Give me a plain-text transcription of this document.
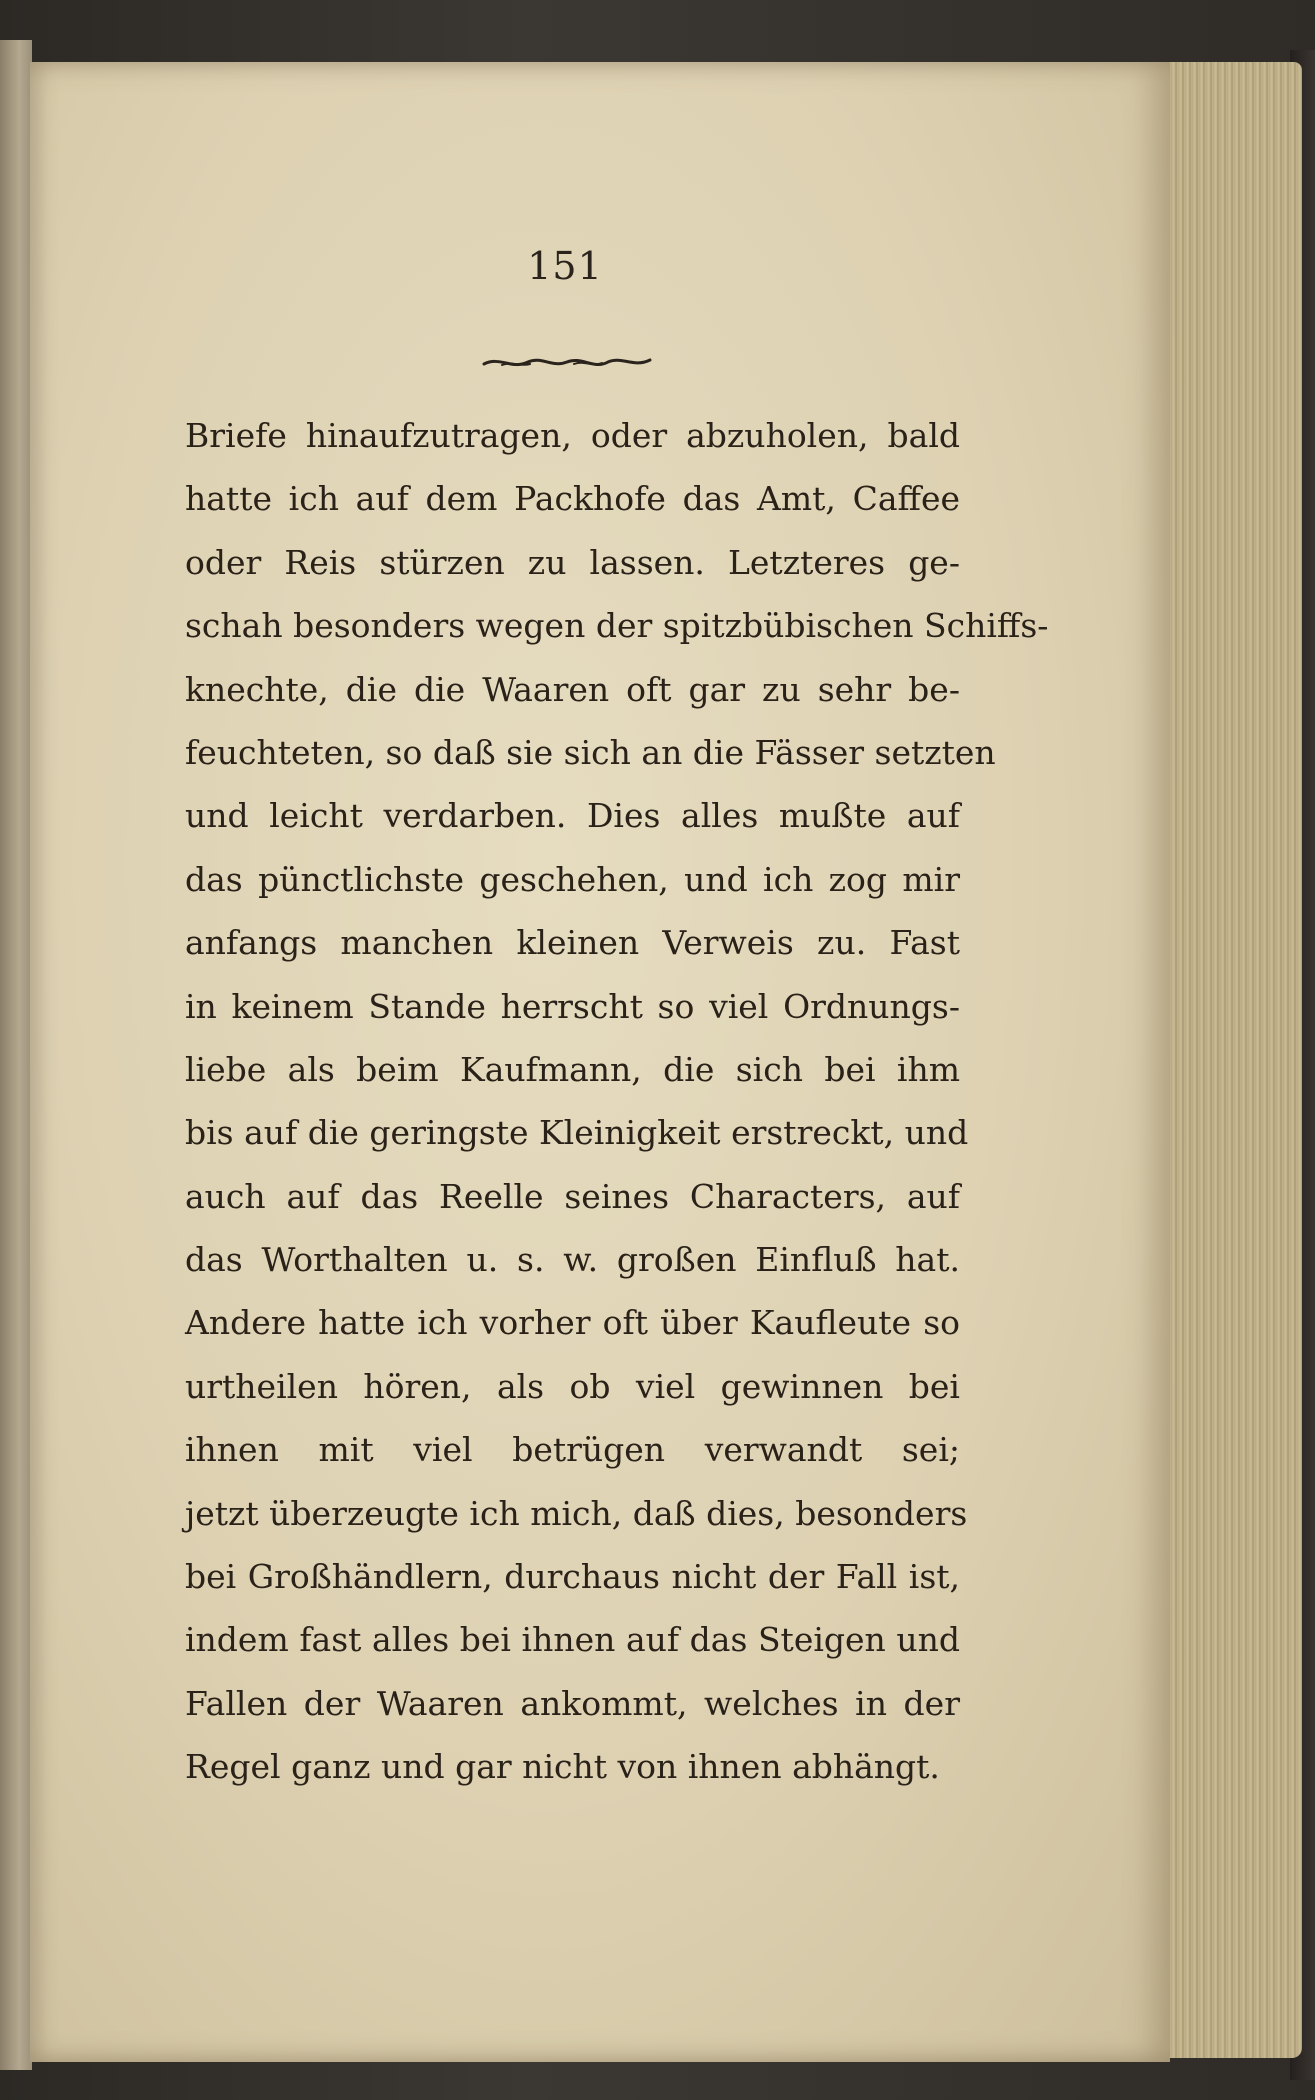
151
Briefe hinaufzutragen, oder abzuholen, bald
hatte ich auf dem Packhofe das Amt, Caffee
oder Reis stürzen zu lassen. Letzteres ge-
schah besonders wegen der spitzbübischen Schiffs-
knechte, die die Waaren oft gar zu sehr be-
feuchteten, so daß sie sich an die Fässer setzten
und leicht verdarben. Dies alles mußte auf
das pünctlichste geschehen, und ich zog mir
anfangs manchen kleinen Verweis zu. Fast
in keinem Stande herrscht so viel Ordnungs-
liebe als beim Kaufmann, die sich bei ihm
bis auf die geringste Kleinigkeit erstreckt, und
auch auf das Reelle seines Characters, auf
das Worthalten u. s. w. großen Einfluß hat.
Andere hatte ich vorher oft über Kaufleute so
urtheilen hören, als ob viel gewinnen bei
ihnen mit viel betrügen verwandt sei;
jetzt überzeugte ich mich, daß dies, besonders
bei Großhändlern, durchaus nicht der Fall ist,
indem fast alles bei ihnen auf das Steigen und
Fallen der Waaren ankommt, welches in der
Regel ganz und gar nicht von ihnen abhängt.
